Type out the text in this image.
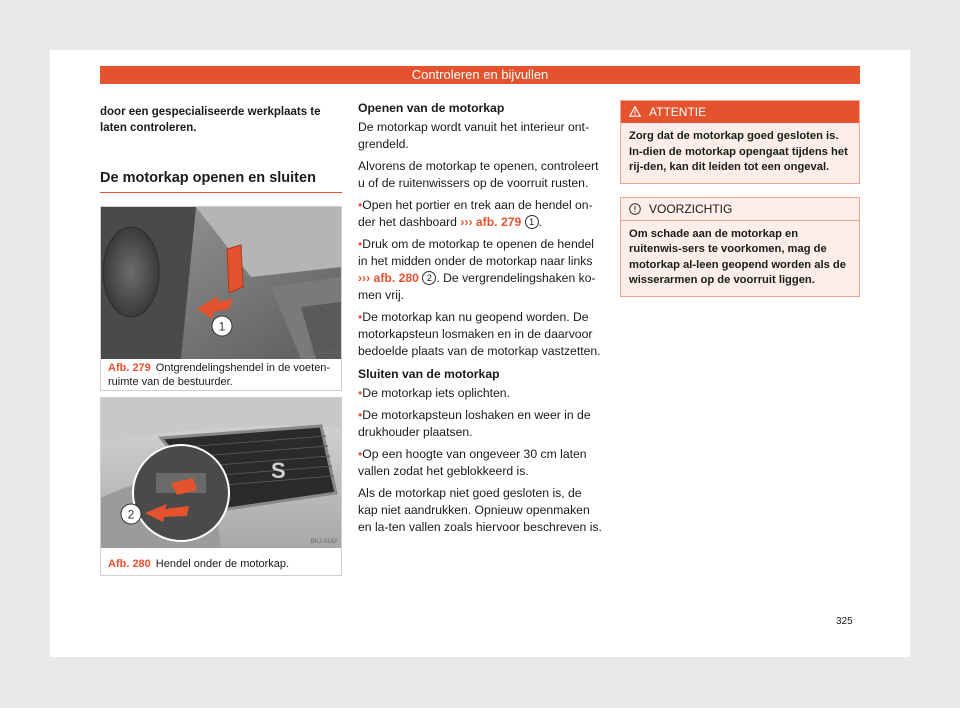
Controleren en bijvullen

door een gespecialiseerde werkplaats te laten controleren.

De motorkap openen en sluiten
1
BKJ-0163
Afb. 279 Ontgrendelingshendel in de voeten-ruimte van de bestuurder.
S
2
BKJ-0162
Afb. 280 Hendel onder de motorkap.

Openen van de motorkap

De motorkap wordt vanuit het interieur ont-grendeld.

Alvorens de motorkap te openen, controleert u of de ruitenwissers op de voorruit rusten.

• Open het portier en trek aan de hendel on-der het dashboard ››› afb. 279 1 .

• Druk om de motorkap te openen de hendel in het midden onder de motorkap naar links ››› afb. 280 2 . De vergrendelingshaken ko-men vrij.

• De motorkap kan nu geopend worden. De motorkapsteun losmaken en in de daarvoor bedoelde plaats van de motorkap vastzetten.

Sluiten van de motorkap

• De motorkap iets oplichten.

• De motorkapsteun loshaken en weer in de drukhouder plaatsen.

• Op een hoogte van ongeveer 30 cm laten vallen zodat het geblokkeerd is.

Als de motorkap niet goed gesloten is, de kap niet aandrukken. Opnieuw openmaken en la-ten vallen zoals hiervoor beschreven is.

ATTENTIE
Zorg dat de motorkap goed gesloten is. In-dien de motorkap opengaat tijdens het rij-den, kan dit leiden tot een ongeval.
VOORZICHTIG
Om schade aan de motorkap en ruitenwis-sers te voorkomen, mag de motorkap al-leen geopend worden als de wisserarmen op de voorruit liggen.
325
